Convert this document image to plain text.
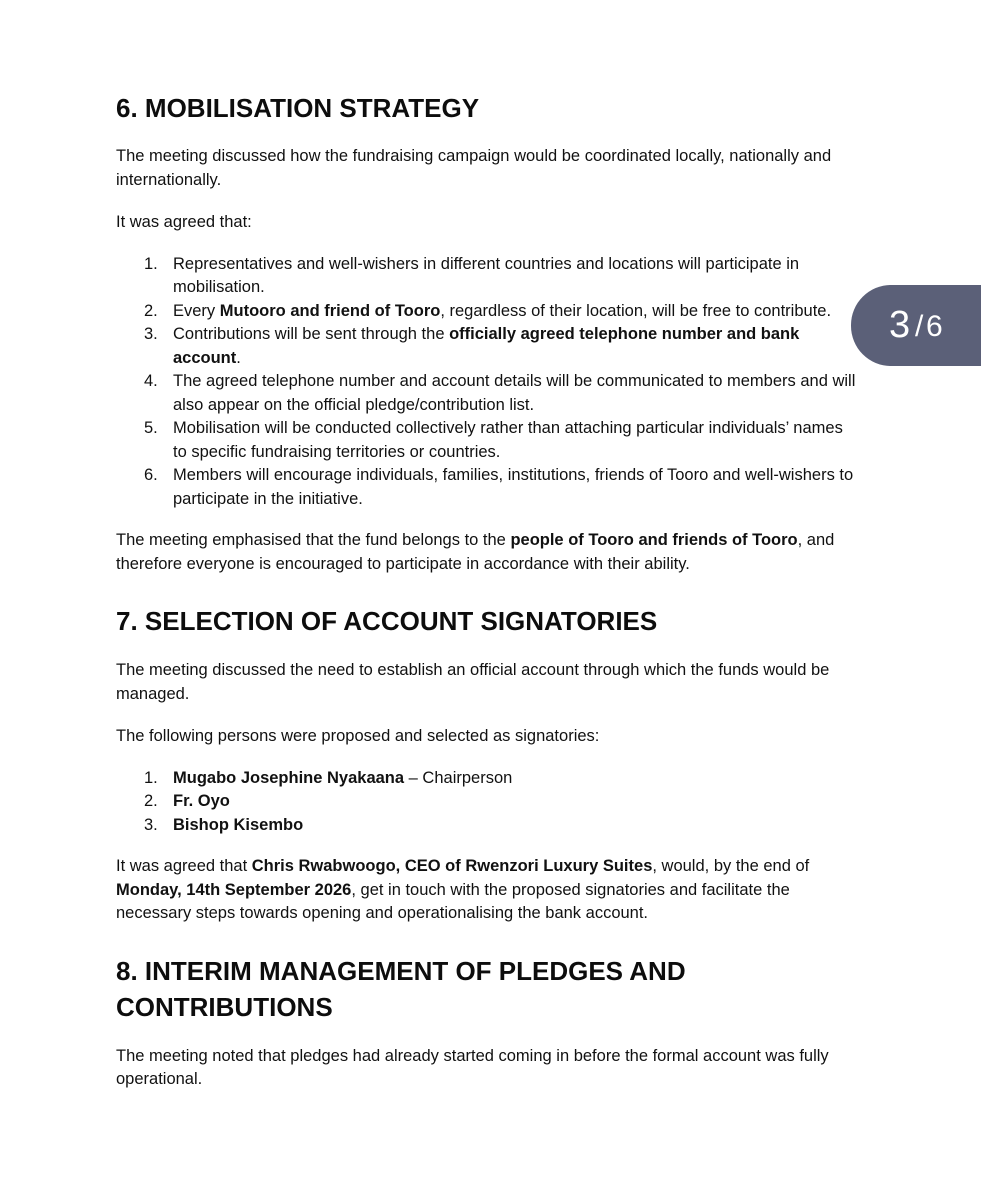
6. MOBILISATION STRATEGY

The meeting discussed how the fundraising campaign would be coordinated locally, nationally and internationally.

It was agreed that:

1. Representatives and well-wishers in different countries and locations will participate in mobilisation.
2. Every Mutooro and friend of Tooro, regardless of their location, will be free to contribute.
3. Contributions will be sent through the officially agreed telephone number and bank account.
4. The agreed telephone number and account details will be communicated to members and will also appear on the official pledge/contribution list.
5. Mobilisation will be conducted collectively rather than attaching particular individuals’ names to specific fundraising territories or countries.
6. Members will encourage individuals, families, institutions, friends of Tooro and well-wishers to participate in the initiative.

The meeting emphasised that the fund belongs to the people of Tooro and friends of Tooro, and therefore everyone is encouraged to participate in accordance with their ability.

7. SELECTION OF ACCOUNT SIGNATORIES

The meeting discussed the need to establish an official account through which the funds would be managed.

The following persons were proposed and selected as signatories:

1. Mugabo Josephine Nyakaana – Chairperson
2. Fr. Oyo
3. Bishop Kisembo

It was agreed that Chris Rwabwoogo, CEO of Rwenzori Luxury Suites, would, by the end of Monday, 14th September 2026, get in touch with the proposed signatories and facilitate the necessary steps towards opening and operationalising the bank account.

8. INTERIM MANAGEMENT OF PLEDGES AND
CONTRIBUTIONS

The meeting noted that pledges had already started coming in before the formal account was fully operational.

3 / 6
